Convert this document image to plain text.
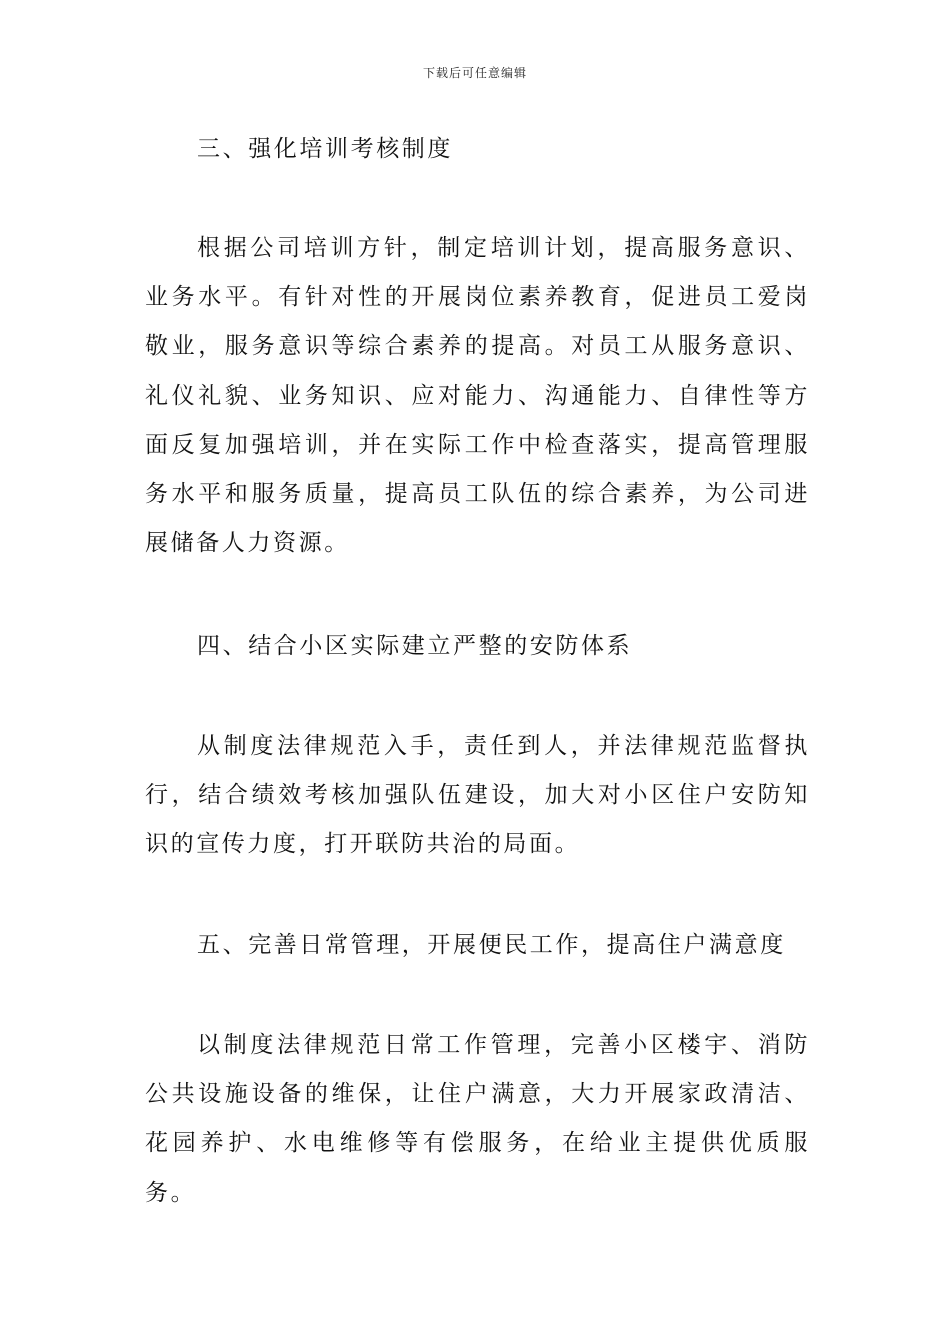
下载后可任意编辑
三、强化培训考核制度
根据公司培训方针，制定培训计划，提高服务意识、业务水平。有针对性的开展岗位素养教育，促进员工爱岗敬业，服务意识等综合素养的提高。对员工从服务意识、礼仪礼貌、业务知识、应对能力、沟通能力、自律性等方面反复加强培训，并在实际工作中检查落实，提高管理服务水平和服务质量，提高员工队伍的综合素养，为公司进展储备人力资源。
四、结合小区实际建立严整的安防体系
从制度法律规范入手，责任到人，并法律规范监督执行，结合绩效考核加强队伍建设，加大对小区住户安防知识的宣传力度，打开联防共治的局面。
五、完善日常管理，开展便民工作，提高住户满意度
以制度法律规范日常工作管理，完善小区楼宇、消防公共设施设备的维保，让住户满意，大力开展家政清洁、花园养护、水电维修等有偿服务，在给业主提供优质服务。
